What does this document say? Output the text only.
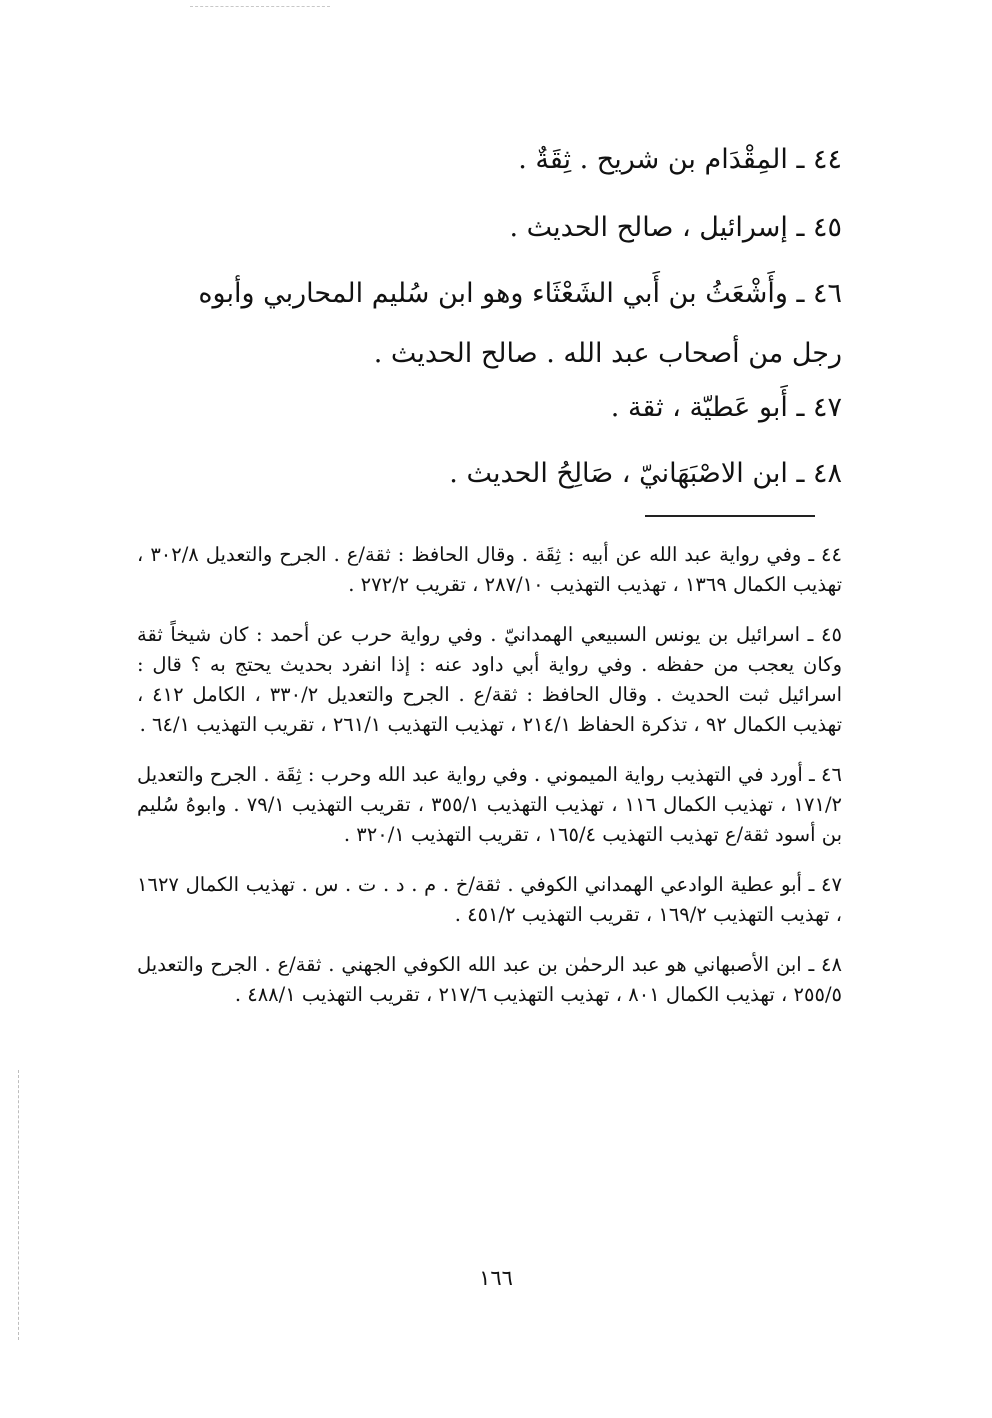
٤٤ ـ المِقْدَام بن شريح . ثِقَةٌ .

٤٥ ـ إسرائيل ، صالح الحديث .

٤٦ ـ وأَشْعَثُ بن أَبي الشَعْثَاء وهو ابن سُليم المحاربي وأبوه
رجل من أصحاب عبد الله . صالح الحديث .

٤٧ ـ أَبو عَطيّة ، ثقة .

٤٨ ـ ابن الاصْبَهَانيّ ، صَالِحُ الحديث .

٤٤ ـ وفي رواية عبد الله عن أبيه : ثِقَة . وقال الحافظ : ثقة/ع . الجرح والتعديل ٣٠٢/٨ ، تهذيب الكمال ١٣٦٩ ، تهذيب التهذيب ٢٨٧/١٠ ، تقريب ٢٧٢/٢ .

٤٥ ـ اسرائيل بن يونس السبيعي الهمدانيّ . وفي رواية حرب عن أحمد : كان شيخاً ثقة وكان يعجب من حفظه . وفي رواية أبي داود عنه : إذا انفرد بحديث يحتج به ؟ قال : اسرائيل ثبت الحديث . وقال الحافظ : ثقة/ع . الجرح والتعديل ٣٣٠/٢ ، الكامل ٤١٢ ، تهذيب الكمال ٩٢ ، تذكرة الحفاظ ٢١٤/١ ، تهذيب التهذيب ٢٦١/١ ، تقريب التهذيب ٦٤/١ .

٤٦ ـ أورد في التهذيب رواية الميموني . وفي رواية عبد الله وحرب : ثِقَة . الجرح والتعديل ١٧١/٢ ، تهذيب الكمال ١١٦ ، تهذيب التهذيب ٣٥٥/١ ، تقريب التهذيب ٧٩/١ . وابوهُ سُليم بن أسود ثقة/ع تهذيب التهذيب ١٦٥/٤ ، تقريب التهذيب ٣٢٠/١ .

٤٧ ـ أبو عطية الوادعي الهمداني الكوفي . ثقة/خ . م . د . ت . س . تهذيب الكمال ١٦٢٧ ، تهذيب التهذيب ١٦٩/٢ ، تقريب التهذيب ٤٥١/٢ .

٤٨ ـ ابن الأصبهاني هو عبد الرحمٰن بن عبد الله الكوفي الجهني . ثقة/ع . الجرح والتعديل ٢٥٥/٥ ، تهذيب الكمال ٨٠١ ، تهذيب التهذيب ٢١٧/٦ ، تقريب التهذيب ٤٨٨/١ .

١٦٦
